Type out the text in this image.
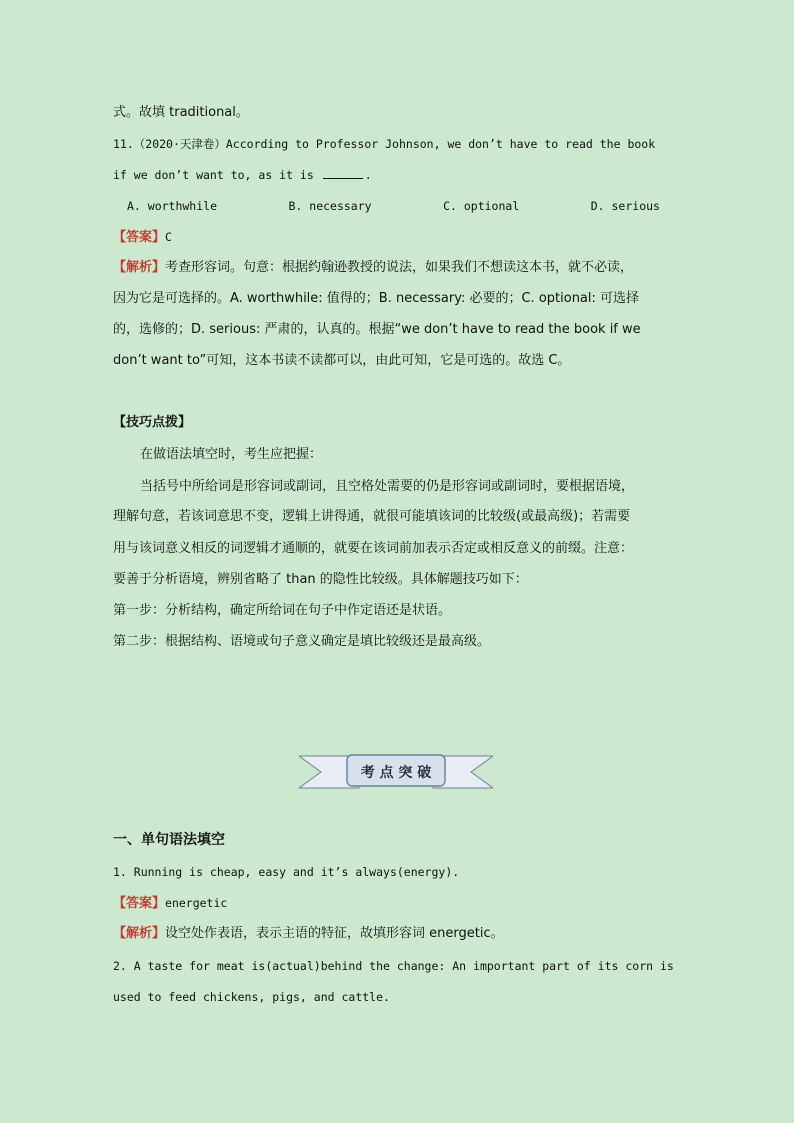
式。故填 traditional。
11.（2020·天津卷）According to Professor Johnson, we don’t have to read the book
if we don’t want to, as it is	.
A. worthwhile	B. necessary	C. optional	D. serious
【答案】C
【解析】考查形容词。句意：根据约翰逊教授的说法，如果我们不想读这本书，就不必读，
因为它是可选择的。A. worthwhile: 值得的；B. necessary: 必要的；C. optional: 可选择
的，选修的；D. serious: 严肃的，认真的。根据“we don’t have to read the book if we
don’t want to”可知，这本书读不读都可以，由此可知，它是可选的。故选 C。
【技巧点拨】
在做语法填空时，考生应把握：
当括号中所给词是形容词或副词，且空格处需要的仍是形容词或副词时，要根据语境，
理解句意，若该词意思不变，逻辑上讲得通，就很可能填该词的比较级(或最高级)；若需要
用与该词意义相反的词逻辑才通顺的，就要在该词前加表示否定或相反意义的前缀。注意：
要善于分析语境，辨别省略了 than 的隐性比较级。具体解题技巧如下：
第一步：分析结构，确定所给词在句子中作定语还是状语。
第二步：根据结构、语境或句子意义确定是填比较级还是最高级。
考 点 突 破
一、单句语法填空
1. Running is cheap, easy and it’s always(energy).
【答案】energetic
【解析】设空处作表语，表示主语的特征，故填形容词 energetic。
2. A taste for meat is(actual)behind the change: An important part of its corn is
used to feed chickens, pigs, and cattle.
